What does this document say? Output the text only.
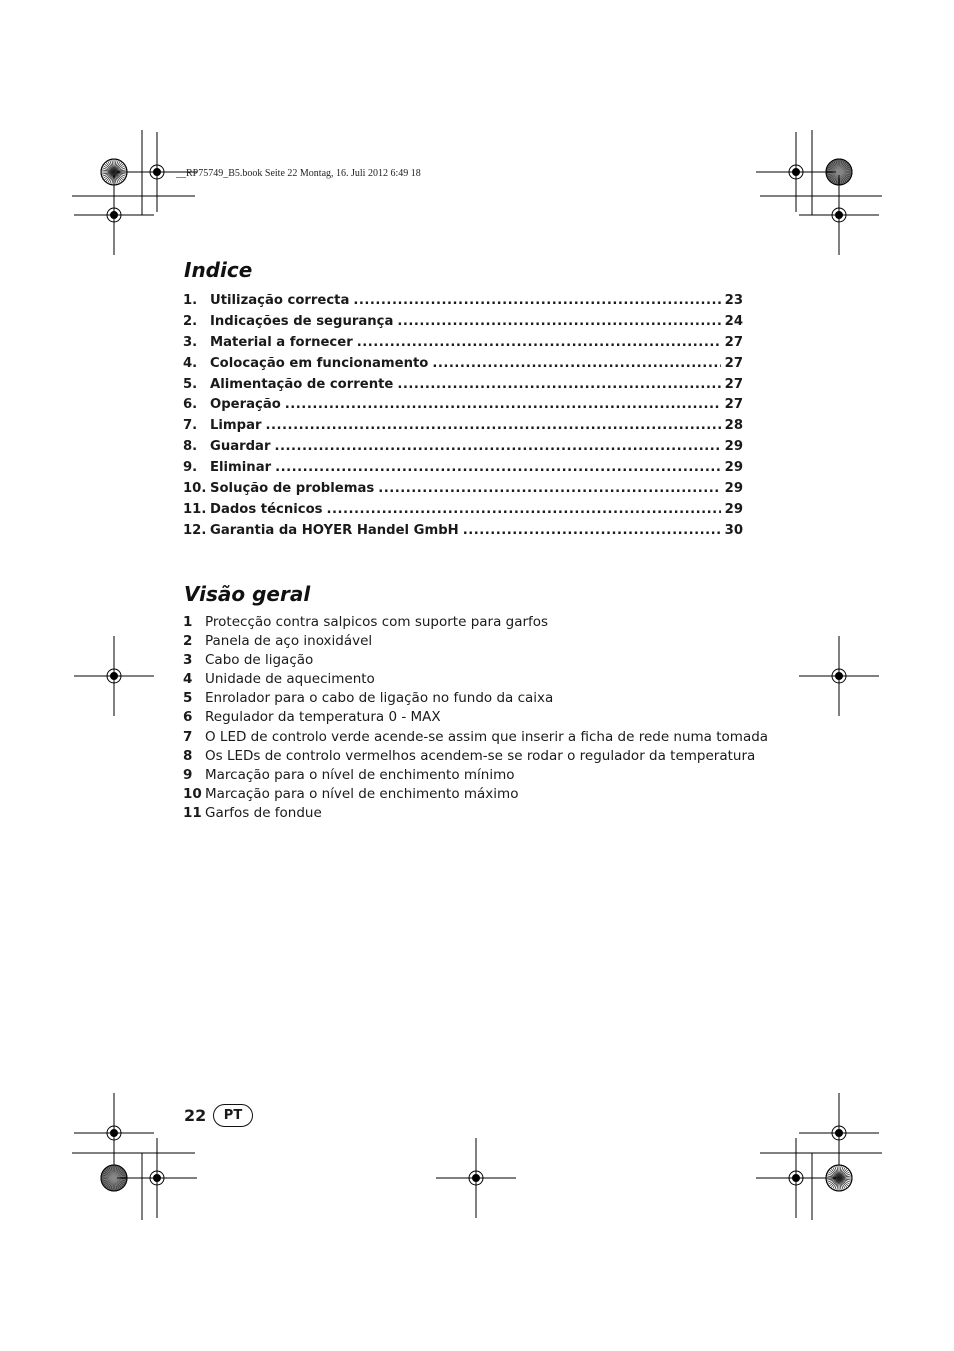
__RP75749_B5.book Seite 22 Montag, 16. Juli 2012 6:49 18
Indice
1. Utilização correcta .....	23
2. Indicações de segurança .....	24
3. Material a fornecer .....	27
4. Colocação em funcionamento .....	27
5. Alimentação de corrente .....	27
6. Operação .....	27
7. Limpar .....	28
8. Guardar .....	29
9. Eliminar .....	29
10. Solução de problemas .....	29
11. Dados técnicos .....	29
12. Garantia da HOYER Handel GmbH .....	30
Visão geral
1 Protecção contra salpicos com suporte para garfos
2 Panela de aço inoxidável
3 Cabo de ligação
4 Unidade de aquecimento
5 Enrolador para o cabo de ligação no fundo da caixa
6 Regulador da temperatura 0 - MAX
7 O LED de controlo verde acende-se assim que inserir a ficha de rede numa tomada
8 Os LEDs de controlo vermelhos acendem-se se rodar o regulador da temperatura
9 Marcação para o nível de enchimento mínimo
10 Marcação para o nível de enchimento máximo
11 Garfos de fondue
22	PT
